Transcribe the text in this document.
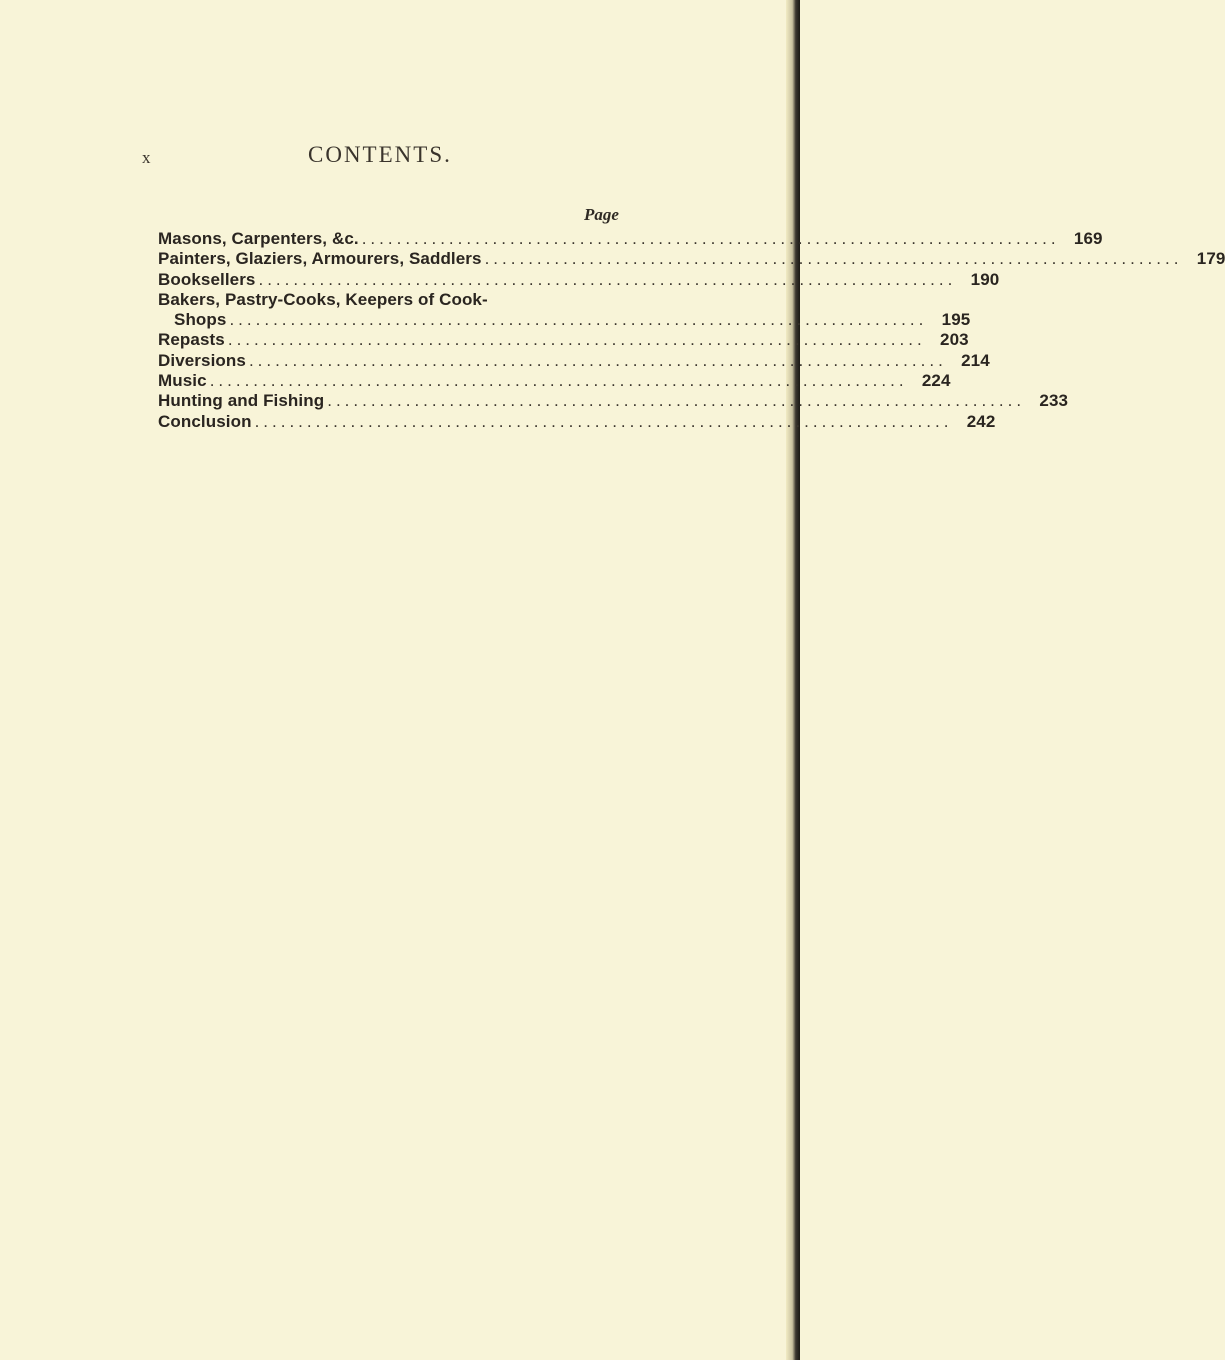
x	CONTENTS.
Page
Masons, Carpenters, &c. ................................................................................ 169
Painters, Glaziers, Armourers, Saddlers ................................................................................ 179
Booksellers ................................................................................ 190
Bakers, Pastry-Cooks, Keepers of Cook-
Shops ................................................................................ 195
Repasts ................................................................................ 203
Diversions ................................................................................ 214
Music ................................................................................ 224
Hunting and Fishing ................................................................................ 233
Conclusion ................................................................................ 242
